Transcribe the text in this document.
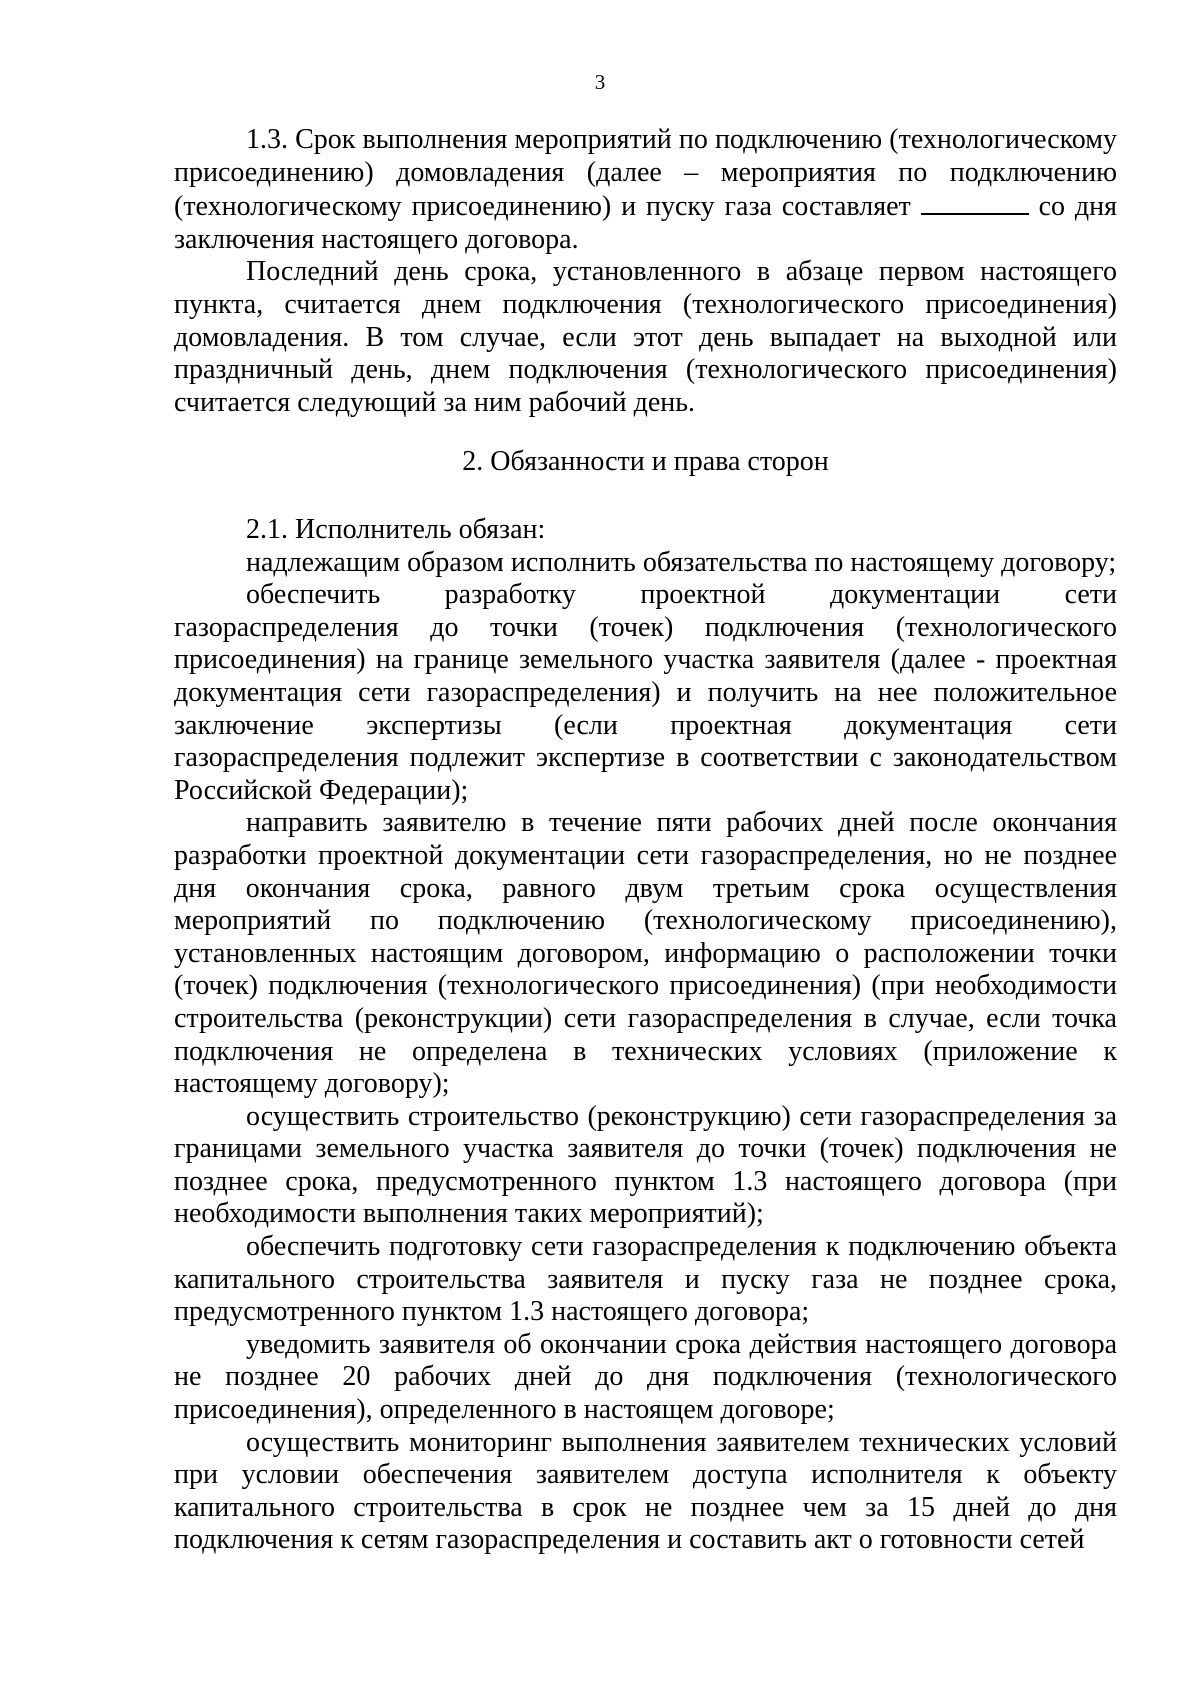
3

1.3. Срок выполнения мероприятий по подключению (технологическому присоединению) домовладения (далее – мероприятия по подключению (технологическому присоединению) и пуску газа составляет	со дня заключения настоящего договора.

Последний день срока, установленного в абзаце первом настоящего пункта, считается днем подключения (технологического присоединения) домовладения. В том случае, если этот день выпадает на выходной или праздничный день, днем подключения (технологического присоединения) считается следующий за ним рабочий день.

2. Обязанности и права сторон

2.1. Исполнитель обязан:

надлежащим образом исполнить обязательства по настоящему договору;

обеспечить разработку проектной документации сети газораспределения до точки (точек) подключения (технологического присоединения) на границе земельного участка заявителя (далее - проектная документация сети газораспределения) и получить на нее положительное заключение экспертизы (если проектная документация сети газораспределения подлежит экспертизе в соответствии с законодательством Российской Федерации);

направить заявителю в течение пяти рабочих дней после окончания разработки проектной документации сети газораспределения, но не позднее дня окончания срока, равного двум третьим срока осуществления мероприятий по подключению (технологическому присоединению), установленных настоящим договором, информацию о расположении точки (точек) подключения (технологического присоединения) (при необходимости строительства (реконструкции) сети газораспределения в случае, если точка подключения не определена в технических условиях (приложение к настоящему договору);

осуществить строительство (реконструкцию) сети газораспределения за границами земельного участка заявителя до точки (точек) подключения не позднее срока, предусмотренного пунктом 1.3 настоящего договора (при необходимости выполнения таких мероприятий);

обеспечить подготовку сети газораспределения к подключению объекта капитального строительства заявителя и пуску газа не позднее срока, предусмотренного пунктом 1.3 настоящего договора;

уведомить заявителя об окончании срока действия настоящего договора не позднее 20 рабочих дней до дня подключения (технологического присоединения), определенного в настоящем договоре;

осуществить мониторинг выполнения заявителем технических условий при условии обеспечения заявителем доступа исполнителя к объекту капитального строительства в срок не позднее чем за 15 дней до дня подключения к сетям газораспределения и составить акт о готовности сетей
